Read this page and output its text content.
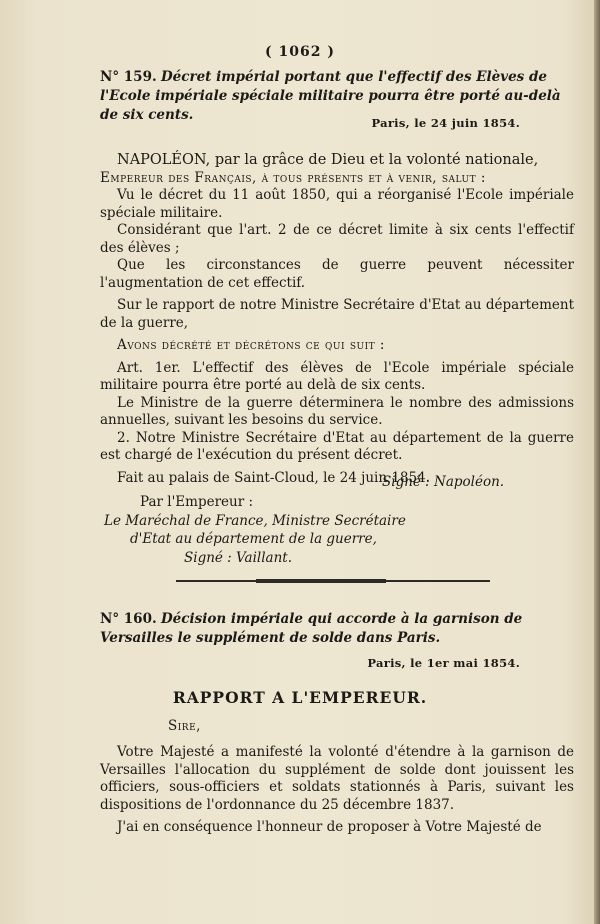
( 1062 )
N° 159. Décret impérial portant que l'effectif des Elèves de l'Ecole impériale spéciale militaire pourra être porté au-delà de six cents.	Paris, le 24 juin 1854.

NAPOLÉON, par la grâce de Dieu et la volonté nationale,

Empereur des Français, à tous présents et à venir, salut :

Vu le décret du 11 août 1850, qui a réorganisé l'Ecole impériale spéciale militaire.

Considérant que l'art. 2 de ce décret limite à six cents l'effectif des élèves ;

Que les circonstances de guerre peuvent nécessiter l'augmentation de cet effectif.

Sur le rapport de notre Ministre Secrétaire d'Etat au département de la guerre,

Avons décrété et décrétons ce qui suit :

Art. 1er. L'effectif des élèves de l'Ecole impériale spéciale militaire pourra être porté au delà de six cents.

Le Ministre de la guerre déterminera le nombre des admissions annuelles, suivant les besoins du service.

2. Notre Ministre Secrétaire d'Etat au département de la guerre est chargé de l'exécution du présent décret.

Fait au palais de Saint-Cloud, le 24 juin 1854.

Signé : Napoléon.
Par l'Empereur :
Le Maréchal de France, Ministre Secrétaire
d'Etat au département de la guerre,
Signé : Vaillant.
N° 160. Décision impériale qui accorde à la garnison de Versailles le supplément de solde dans Paris.
Paris, le 1er mai 1854.
RAPPORT A L'EMPEREUR.
Sire,

Votre Majesté a manifesté la volonté d'étendre à la garnison de Versailles l'allocation du supplément de solde dont jouissent les officiers, sous-officiers et soldats stationnés à Paris, suivant les dispositions de l'ordonnance du 25 décembre 1837.

J'ai en conséquence l'honneur de proposer à Votre Majesté de
